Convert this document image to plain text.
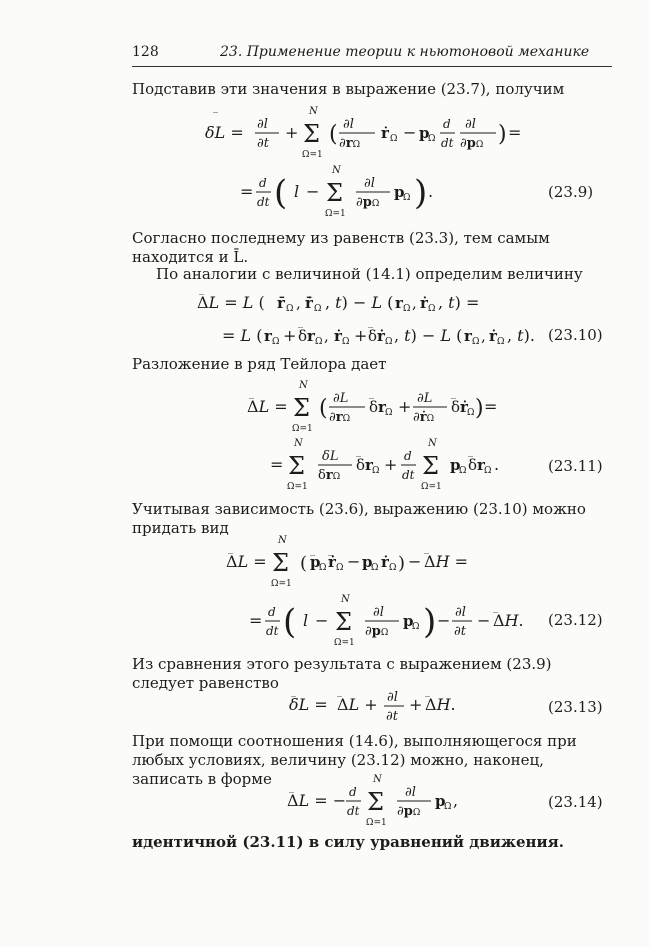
128	23. Применение теории к ньютоновой механике

Подставив эти значения в выражение (23.7), получим

_
δL = ∂l
∂t
+
N
Σ
Ω=1
( ∂l
∂rΩ
ṙ Ω − p
Ω
d
dt
∂l
∂pΩ ) =
= d
dt ( l −
N
Σ
Ω=1
∂l
∂pΩ
p
Ω ) .	(23.9)

Согласно последнему из равенств (23.3), тем самым находится и L̄.

По аналогии с величиной (14.1) определим величину

_
ΔL = L ( r̄ Ω , ṙ̄ Ω , t) − L ( r Ω , ṙ Ω , t) =
= L ( r Ω +
_
δr Ω , ṙ Ω +
_
δṙ Ω , t) − L ( r Ω , ṙ Ω , t). (23.10)

Разложение в ряд Тейлора дает

_
ΔL =
N
Σ
Ω=1
( ∂L
∂rΩ
_
δr Ω + ∂L
∂ṙΩ
_
δṙ Ω ) =
=
N
Σ
Ω=1
δL
δrΩ
_
δr Ω + d
dt
N
Σ
Ω=1
p
Ω
_
δr Ω .	(23.11)

Учитывая зависимость (23.6), выражению (23.10) можно придать вид

_
ΔL =
N
Σ
Ω=1
(
_
p
Ω
_
ṙ Ω − p
Ω ṙ Ω ) −
_
ΔH =
= d
dt ( l −
N
Σ
Ω=1
∂l
∂pΩ
p
Ω ) − ∂l
∂t
−
_
ΔH. (23.12)

Из сравнения этого результата с выражением (23.9) следует равенство	_
δL =
_
ΔL + ∂l
∂t
+
_
ΔH.	(23.13)

При помощи соотношения (14.6), выполняющегося при любых условиях, величину (23.12) можно, наконец, записать в форме	_
ΔL = − d
dt
N
Σ
Ω=1
∂l
∂pΩ
p
Ω ,	(23.14)

идентичной (23.11) в силу уравнений движения.
